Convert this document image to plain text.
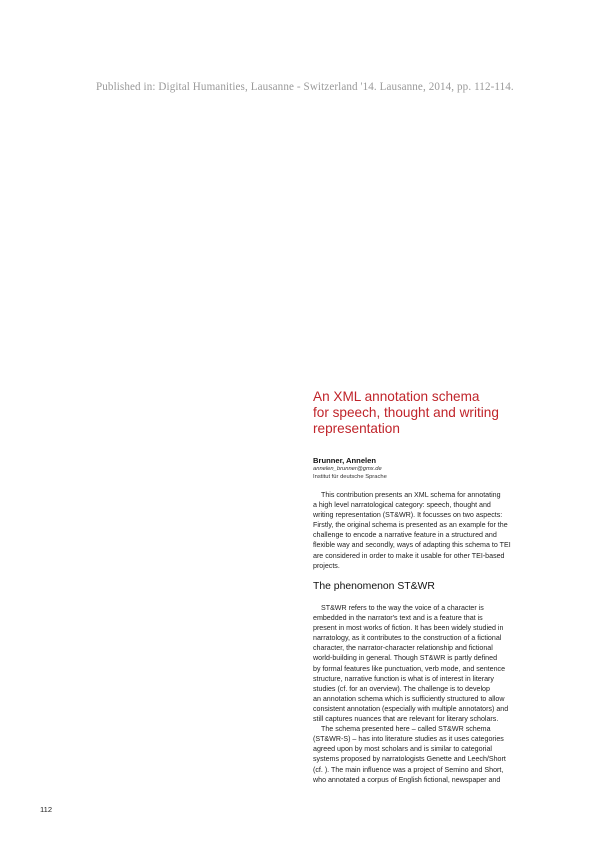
Published in: Digital Humanities, Lausanne - Switzerland '14. Lausanne, 2014, pp. 112-114.
An XML annotation schema
for speech, thought and writing
representation
Brunner, Annelen
annelen_brunner@gmx.de
Institut für deutsche Sprache
This contribution presents an XML schema for annotating
a high level narratological category: speech, thought and
writing representation (ST&WR). It focusses on two aspects:
Firstly, the original schema is presented as an example for the
challenge to encode a narrative feature in a structured and
flexible way and secondly, ways of adapting this schema to TEI
are considered in order to make it usable for other TEI-based
projects.
The phenomenon ST&WR
ST&WR refers to the way the voice of a character is
embedded in the narrator's text and is a feature that is
present in most works of fiction. It has been widely studied in
narratology, as it contributes to the construction of a fictional
character, the narrator-character relationship and fictional
world-building in general. Though ST&WR is partly defined
by formal features like punctuation, verb mode, and sentence
structure, narrative function is what is of interest in literary
studies (cf. for an overview). The challenge is to develop
an annotation schema which is sufficiently structured to allow
consistent annotation (especially with multiple annotators) and
still captures nuances that are relevant for literary scholars.
The schema presented here – called ST&WR schema
(ST&WR-S) – has into literature studies as it uses categories
agreed upon by most scholars and is similar to categorial
systems proposed by narratologists Genette and Leech/Short
(cf. ). The main influence was a project of Semino and Short,
who annotated a corpus of English fictional, newspaper and
112
